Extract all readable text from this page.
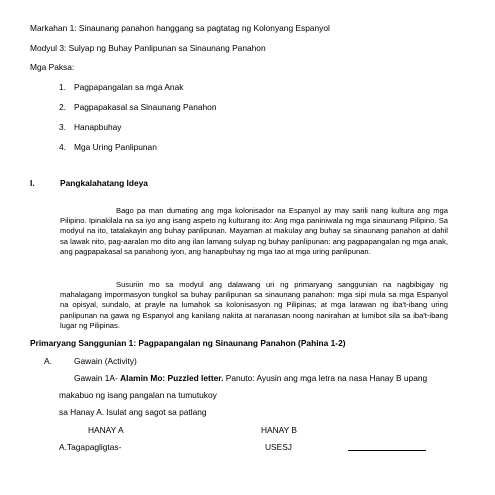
Markahan 1: Sinaunang panahon hanggang sa pagtatag ng Kolonyang Espanyol
Modyul 3: Sulyap ng Buhay Panlipunan sa Sinaunang Panahon
Mga Paksa:
1. Pagpapangalan sa mga Anak
2. Pagpapakasal sa Sinaunang Panahon
3. Hanapbuhay
4. Mga Uring Panlipunan
I.	Pangkalahatang Ideya
Bago pa man dumating ang mga kolonisador na Espanyol ay may sarili nang kultura ang mga Pilipino. Ipinakilala na sa iyo ang isang aspeto ng kulturang ito: Ang mga paniniwala ng mga sinaunang Pilipino. Sa modyul na ito, tatalakayin ang buhay panlipunan. Mayaman at makulay ang buhay sa sinaunang panahon at dahil sa lawak nito, pag-aaralan mo dito ang ilan lamang sulyap ng buhay panlipunan: ang pagpapangalan ng mga anak, ang pagpapakasal sa panahong iyon, ang hanapbuhay ng mga tao at mga uring panlipunan.
Susuriin mo sa modyul ang dalawang uri ng primaryang sanggunian na nagbibigay ng mahalagang impormasyon tungkol sa buhay panlipunan sa sinaunang panahon: mga sipi mula sa mga Espanyol na opisyal, sundalo, at prayle na lumahok sa kolonisasyon ng Pilipinas; at mga larawan ng iba't-ibang uring panlipunan na gawa ng Espanyol ang kanilang nakita at naranasan noong nanirahan at lumibot sila sa iba't-ibang lugar ng Pilipinas.
Primaryang Sanggunian 1: Pagpapangalan ng Sinaunang Panahon (Pahina 1-2)
A.	Gawain (Activity)
Gawain 1A- Alamin Mo: Puzzled letter. Panuto: Ayusin ang mga letra na nasa Hanay B upang
makabuo ng isang pangalan na tumutukoy
sa Hanay A. Isulat ang sagot sa patlang
HANAY A	HANAY B
A.Tagapagligtas-	USESJ
